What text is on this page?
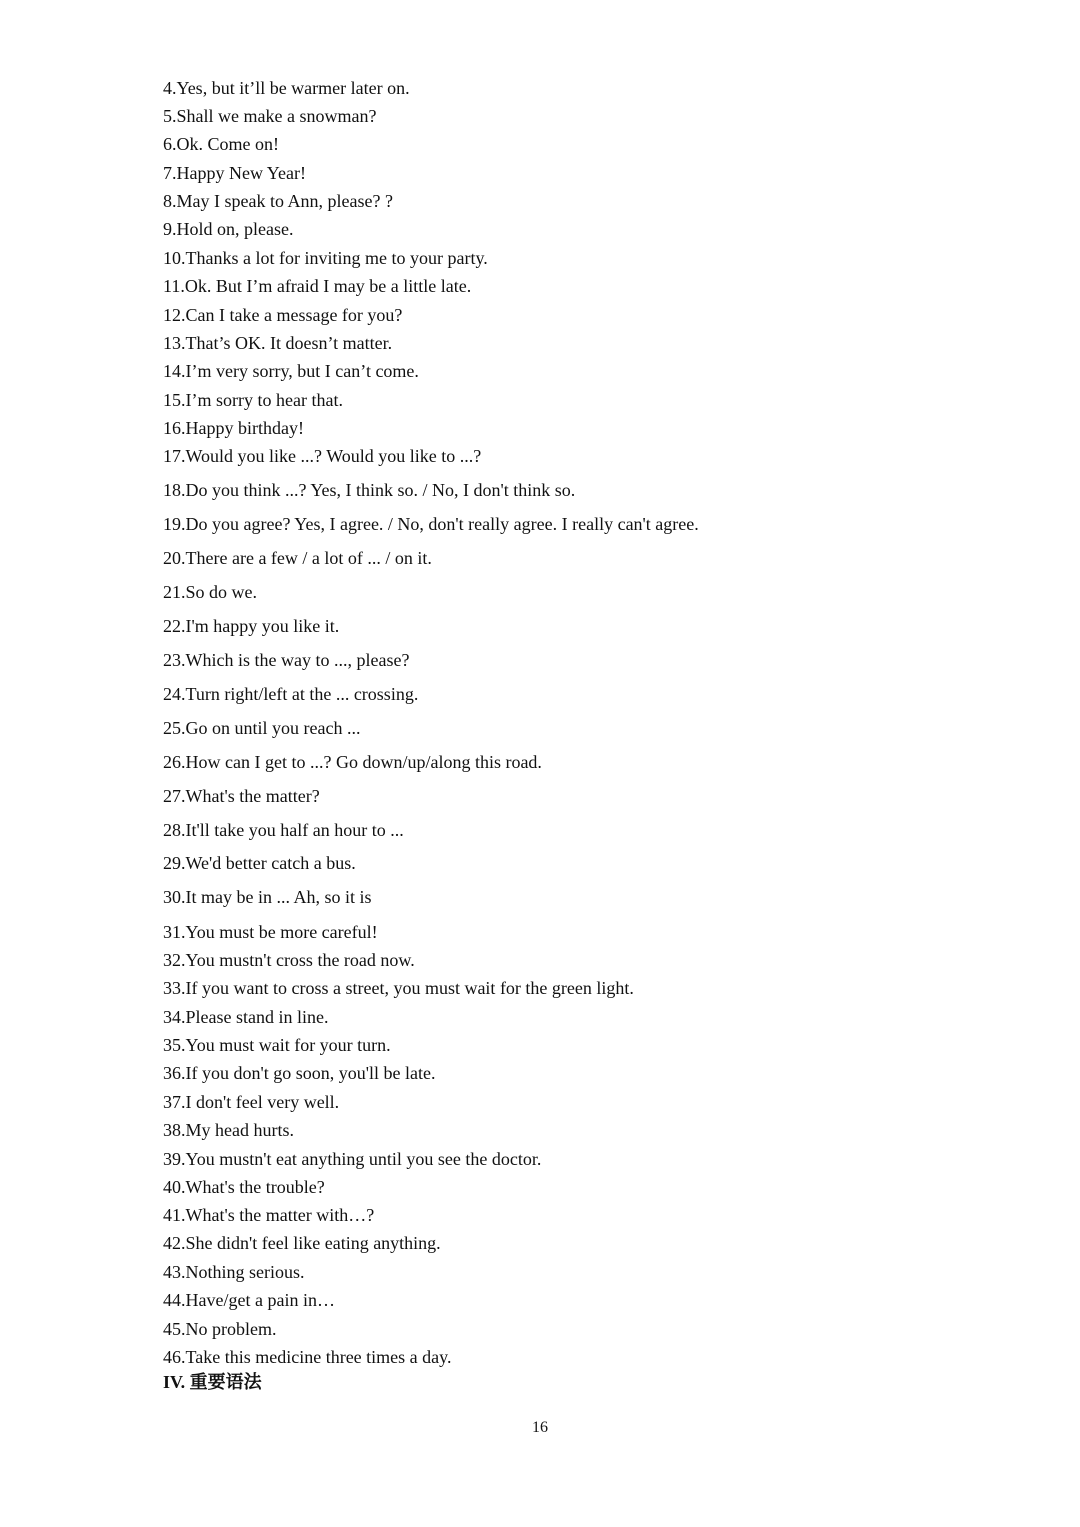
4.Yes, but it’ll be warmer later on.
5.Shall we make a snowman?
6.Ok. Come on!
7.Happy New Year!
8.May I speak to Ann, please? ?
9.Hold on, please.
10.Thanks a lot for inviting me to your party.
11.Ok. But I’m afraid I may be a little late.
12.Can I take a message for you?
13.That’s OK. It doesn’t matter.
14.I’m very sorry, but I can’t come.
15.I’m sorry to hear that.
16.Happy birthday!
17.Would you like ...? Would you like to ...?
18.Do you think ...? Yes, I think so. / No, I don't think so.
19.Do you agree? Yes, I agree. / No, don't really agree. I really can't agree.
20.There are a few / a lot of ... / on it.
21.So do we.
22.I'm happy you like it.
23.Which is the way to ..., please?
24.Turn right/left at the ... crossing.
25.Go on until you reach ...
26.How can I get to ...? Go down/up/along this road.
27.What's the matter?
28.It'll take you half an hour to ...
29.We'd better catch a bus.
30.It may be in ... Ah, so it is
31.You must be more careful!
32.You mustn't cross the road now.
33.If you want to cross a street, you must wait for the green light.
34.Please stand in line.
35.You must wait for your turn.
36.If you don't go soon, you'll be late.
37.I don't feel very well.
38.My head hurts.
39.You mustn't eat anything until you see the doctor.
40.What's the trouble?
41.What's the matter with…?
42.She didn't feel like eating anything.
43.Nothing serious.
44.Have/get a pain in…
45.No problem.
46.Take this medicine three times a day.
IV. 重要语法
16
